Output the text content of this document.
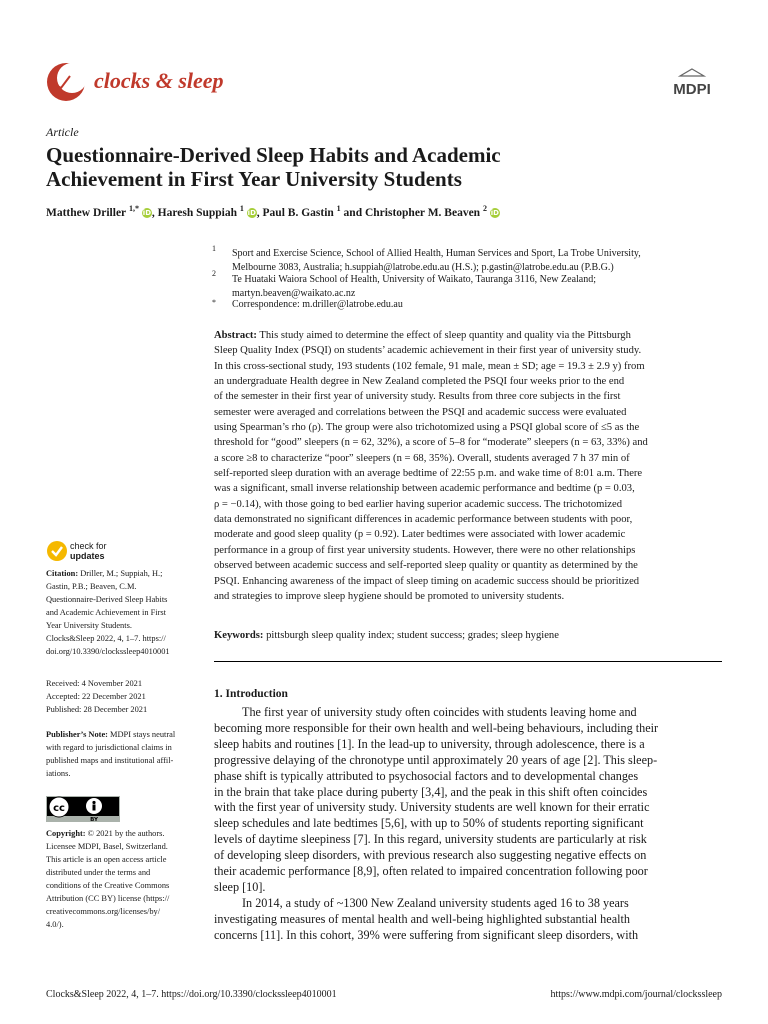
clocks & sleep	MDPI
Article
Questionnaire-Derived Sleep Habits and Academic
Achievement in First Year University Students
Matthew Driller $^{1,*}$ iD, Haresh Suppiah $^1$ iD, Paul B. Gastin $^1$ and Christopher M. Beaven $^2$ iD
1 Sport and Exercise Science, School of Allied Health, Human Services and Sport, La Trobe University,
Melbourne 3083, Australia; h.suppiah@latrobe.edu.au (H.S.); p.gastin@latrobe.edu.au (P.B.G.)
2
Te Huataki Waiora School of Health, University of Waikato, Tauranga 3116, New Zealand;
martyn.beaven@waikato.ac.nz
* Correspondence: m.driller@latrobe.edu.au
Abstract: This study aimed to determine the effect of sleep quantity and quality via the Pittsburgh
Sleep Quality Index (PSQI) on students’ academic achievement in their first year of university study.
In this cross-sectional study, 193 students (102 female, 91 male, mean ± SD; age = 19.3 ± 2.9 y) from
an undergraduate Health degree in New Zealand completed the PSQI four weeks prior to the end
of the semester in their first year of university study. Results from three core subjects in the first
semester were averaged and correlations between the PSQI and academic success were evaluated
using Spearman’s rho (ρ). The group were also trichotomized using a PSQI global score of ≤5 as the
threshold for “good” sleepers (n = 62, 32%), a score of 5–8 for “moderate” sleepers (n = 63, 33%) and
a score ≥8 to characterize “poor” sleepers (n = 68, 35%). Overall, students averaged 7 h 37 min of
self-reported sleep duration with an average bedtime of 22:55 p.m. and wake time of 8:01 a.m. There
was a significant, small inverse relationship between academic performance and bedtime (p = 0.03,
ρ = −0.14), with those going to bed earlier having superior academic success. The trichotomized
data demonstrated no significant differences in academic performance between students with poor,
moderate and good sleep quality (p = 0.92). Later bedtimes were associated with lower academic
performance in a group of first year university students. However, there were no other relationships
observed between academic success and self-reported sleep quality or quantity as determined by the
PSQI. Enhancing awareness of the impact of sleep timing on academic success should be prioritized
and strategies to improve sleep hygiene should be promoted to university students.
Keywords: pittsburgh sleep quality index; student success; grades; sleep hygiene
1. Introduction
The first year of university study often coincides with students leaving home and
becoming more responsible for their own health and well-being behaviours, including their
sleep habits and routines [1]. In the lead-up to university, through adolescence, there is a
progressive delaying of the chronotype until approximately 20 years of age [2]. This sleep-
phase shift is typically attributed to psychosocial factors and to developmental changes
in the brain that take place during puberty [3,4], and the peak in this shift often coincides
with the first year of university study. University students are well known for their erratic
sleep schedules and late bedtimes [5,6], with up to 50% of students reporting significant
levels of daytime sleepiness [7]. In this regard, university students are particularly at risk
of developing sleep disorders, with previous research also suggesting negative effects on
their academic performance [8,9], often related to impaired concentration following poor
sleep [10].
In 2014, a study of ~1300 New Zealand university students aged 16 to 38 years
investigating measures of mental health and well-being highlighted substantial health
concerns [11]. In this cohort, 39% were suffering from significant sleep disorders, with
check for
updates
Citation: Driller, M.; Suppiah, H.;
Gastin, P.B.; Beaven, C.M.
Questionnaire-Derived Sleep Habits
and Academic Achievement in First
Year University Students.
Clocks&Sleep 2022, 4, 1–7. https://
doi.org/10.3390/clockssleep4010001
Received: 4 November 2021
Accepted: 22 December 2021
Published: 28 December 2021
Publisher’s Note: MDPI stays neutral
with regard to jurisdictional claims in
published maps and institutional affil-
iations.
cc
BY
Copyright: © 2021 by the authors.
Licensee MDPI, Basel, Switzerland.
This article is an open access article
distributed under the terms and
conditions of the Creative Commons
Attribution (CC BY) license (https://
creativecommons.org/licenses/by/
4.0/).
Clocks&Sleep 2022, 4, 1–7. https://doi.org/10.3390/clockssleep4010001	https://www.mdpi.com/journal/clockssleep
